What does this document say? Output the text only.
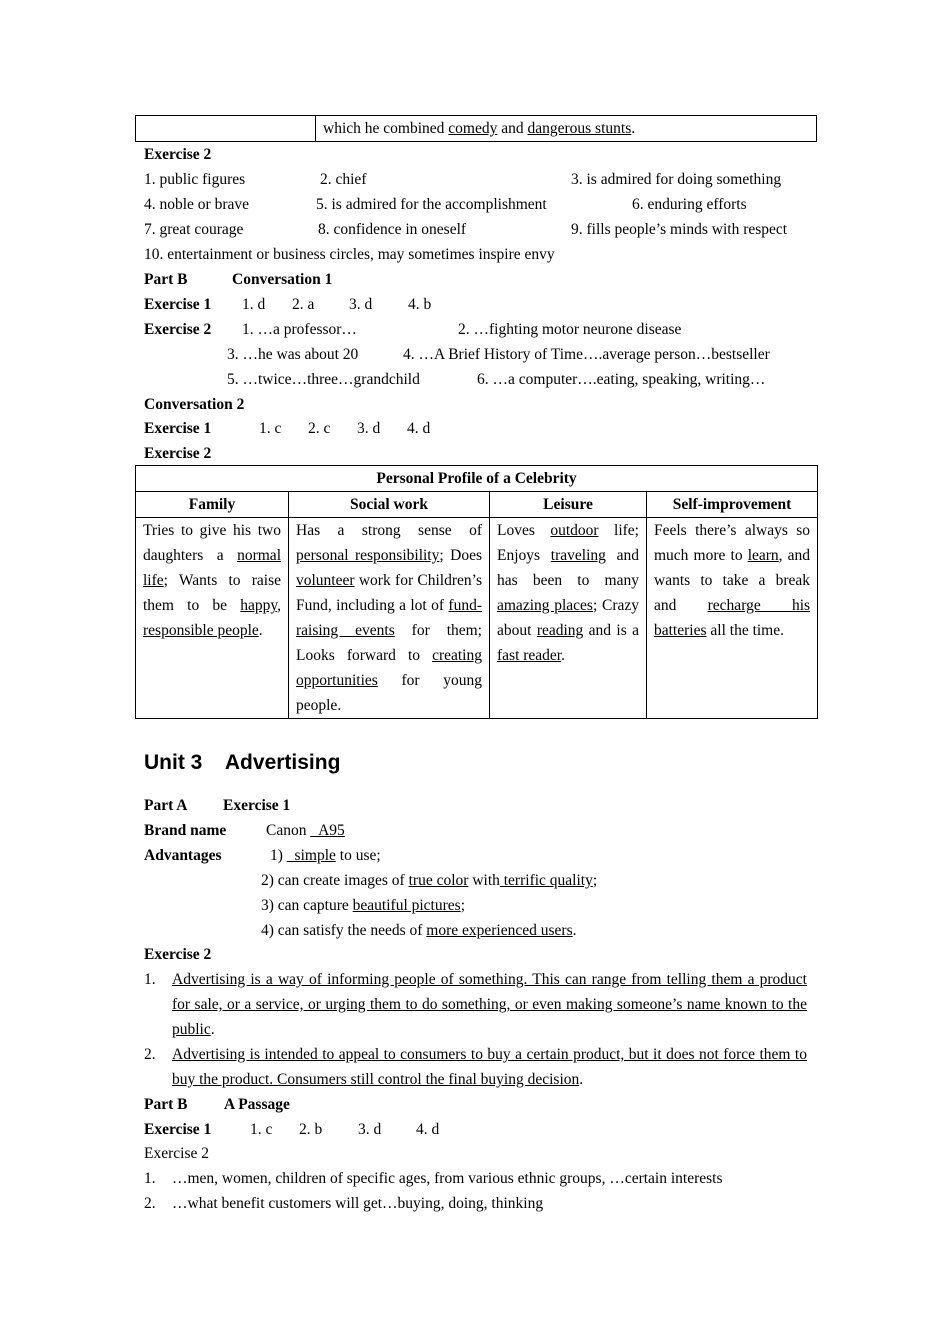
	which he combined comedy and dangerous stunts.
Exercise 2
1. public figures	2. chief	3. is admired for doing something
4. noble or brave	5. is admired for the accomplishment	6. enduring efforts
7. great courage	8. confidence in oneself	9. fills people’s minds with respect
10. entertainment or business circles, may sometimes inspire envy
Part B	Conversation 1
Exercise 1 1. d 2. a 3. d 4. b
Exercise 2 1. …a professor…	2. …fighting motor neurone disease
3. …he was about 20	4. …A Brief History of Time….average person…bestseller
5. …twice…three…grandchild	6. …a computer….eating, speaking, writing…
Conversation 2
Exercise 1	1. c 2. c 3. d 4. d
Exercise 2
Personal Profile of a Celebrity			
Family	Social work	Leisure	Self-improvement
Tries to give his two daughters a normal life; Wants to raise them to be happy, responsible people.	Has a strong sense of personal responsibility; Does volunteer work for Children’s Fund, including a lot of fund-raising events for them; Looks forward to creating opportunities for young people.	Loves outdoor life; Enjoys traveling and has been to many amazing places; Crazy about reading and is a fast reader.	Feels there’s always so much more to learn, and wants to take a break and recharge his batteries all the time.
Unit 3    Advertising
Part A Exercise 1
Brand name	Canon _A95
Advantages	1) _simple to use;
2) can create images of true color with terrific quality;
3) can capture beautiful pictures;
4) can satisfy the needs of more experienced users.
Exercise 2
1. Advertising is a way of informing people of something. This can range from telling them a product for sale, or a service, or urging them to do something, or even making someone’s name known to the public.
2. Advertising is intended to appeal to consumers to buy a certain product, but it does not force them to buy the product. Consumers still control the final buying decision.
Part B A Passage
Exercise 1 1. c 2. b 3. d 4. d
Exercise 2
1. …men, women, children of specific ages, from various ethnic groups, …certain interests
2. …what benefit customers will get…buying, doing, thinking
